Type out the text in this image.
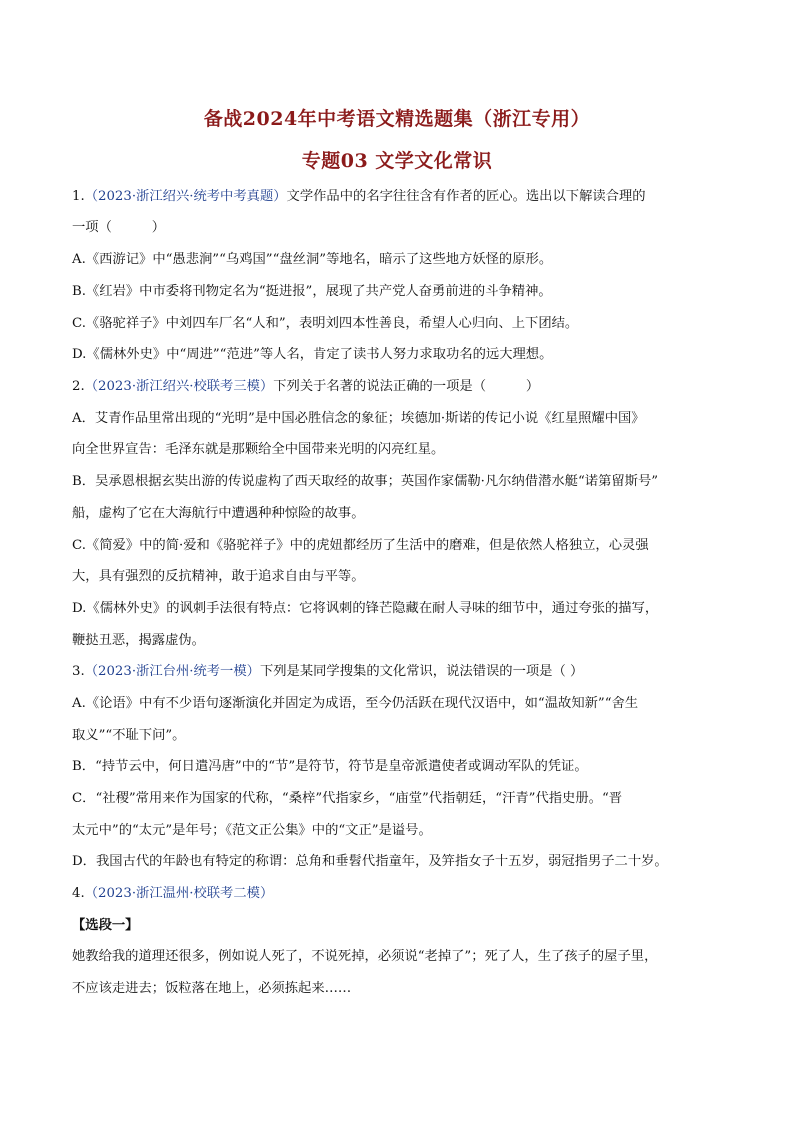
备战2024年中考语文精选题集（浙江专用）
专题03 文学文化常识
1.（2023·浙江绍兴·统考中考真题）文学作品中的名字往往含有作者的匠心。选出以下解读合理的
一项（　　　）
A.《西游记》中“愚悲涧”“乌鸡国”“盘丝洞”等地名，暗示了这些地方妖怪的原形。
B.《红岩》中市委将刊物定名为“挺进报”，展现了共产党人奋勇前进的斗争精神。
C.《骆驼祥子》中刘四车厂名“人和”，表明刘四本性善良，希望人心归向、上下团结。
D.《儒林外史》中“周进”“范进”等人名，肯定了读书人努力求取功名的远大理想。
2.（2023·浙江绍兴·校联考三模）下列关于名著的说法正确的一项是（　　　）
A．艾青作品里常出现的“光明”是中国必胜信念的象征；埃德加·斯诺的传记小说《红星照耀中国》
向全世界宣告：毛泽东就是那颗给全中国带来光明的闪亮红星。
B．吴承恩根据玄奘出游的传说虚构了西天取经的故事；英国作家儒勒·凡尔纳借潜水艇“诺第留斯号”
船，虚构了它在大海航行中遭遇种种惊险的故事。
C.《简爱》中的简·爱和《骆驼祥子》中的虎妞都经历了生活中的磨难，但是依然人格独立，心灵强
大，具有强烈的反抗精神，敢于追求自由与平等。
D.《儒林外史》的讽刺手法很有特点：它将讽刺的锋芒隐藏在耐人寻味的细节中，通过夸张的描写，
鞭挞丑恶，揭露虚伪。
3.（2023·浙江台州·统考一模）下列是某同学搜集的文化常识，说法错误的一项是（ ）
A.《论语》中有不少语句逐渐演化并固定为成语，至今仍活跃在现代汉语中，如“温故知新”“舍生
取义”“不耻下问”。
B．“持节云中，何日遣冯唐”中的“节”是符节，符节是皇帝派遣使者或调动军队的凭证。
C．“社稷”常用来作为国家的代称，“桑梓”代指家乡，“庙堂”代指朝廷，“汗青”代指史册。“晋
太元中”的“太元”是年号；《范文正公集》中的“文正”是谥号。
D．我国古代的年龄也有特定的称谓：总角和垂髫代指童年，及笄指女子十五岁，弱冠指男子二十岁。
4.（2023·浙江温州·校联考二模）
【选段一】
她教给我的道理还很多，例如说人死了，不说死掉，必须说“老掉了”；死了人，生了孩子的屋子里，
不应该走进去；饭粒落在地上，必须拣起来……
